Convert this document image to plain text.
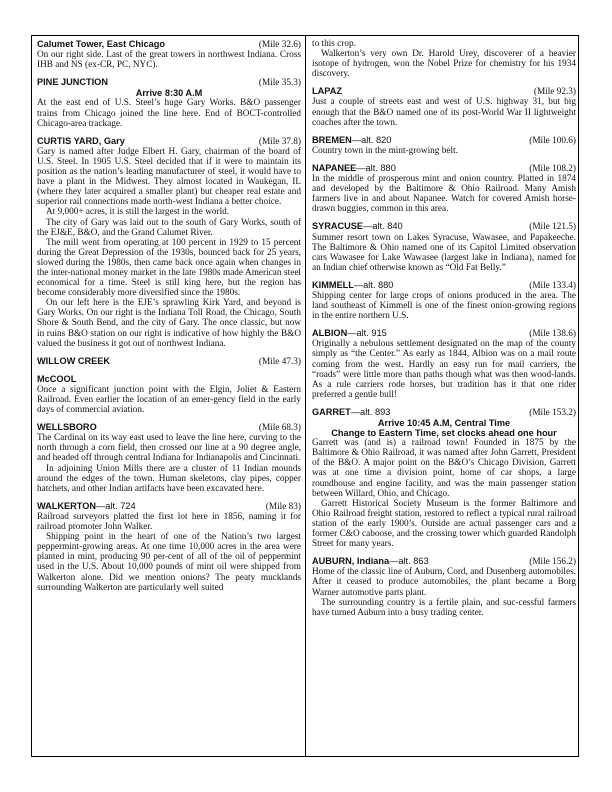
Calumet Tower, East Chicago	(Mile 32.6)
On our right side. Last of the great towers in northwest Indiana. Cross IHB and NS (ex-CR, PC, NYC).
PINE JUNCTION	(Mile 35.3)
Arrive 8:30 A.M
At the east end of U.S. Steel’s huge Gary Works. B&O passenger trains from Chicago joined the line here. End of BOCT-controlled Chicago-area trackage.
CURTIS YARD, Gary	(Mile 37.8)
Gary is named after Judge Elbert H. Gary, chairman of the board of U.S. Steel. In 1905 U.S. Steel decided that if it were to maintain its position as the nation’s leading manufacturer of steel, it would have to have a plant in the Midwest. They almost located in Waukegan, IL (where they later acquired a smaller plant) but cheaper real estate and superior rail connections made north-west Indiana a better choice.
At 9,000+ acres, it is still the largest in the world.
The city of Gary was laid out to the south of Gary Works, south of the EJ&E, B&O, and the Grand Calumet River.
The mill went from operating at 100 percent in 1929 to 15 percent during the Great Depression of the 1930s, bounced back for 25 years, slowed during the 1980s, then came back once again when changes in the inter-national money market in the late 1980s made American steel economical for a time. Steel is still king here, but the region has become considerably more diversified since the 1980s.
On our left here is the EJE’s sprawling Kirk Yard, and beyond is Gary Works. On our right is the Indiana Toll Road, the Chicago, South Shore & South Bend, and the city of Gary. The once classic, but now in ruins B&O station on our right is indicative of how highly the B&O valued the business it got out of northwest Indiana.
WILLOW CREEK	(Mile 47.3)
McCOOL
Once a significant junction point with the Elgin, Joliet & Eastern Railroad. Even earlier the location of an emer-gency field in the early days of commercial aviation.
WELLSBORO	(Mile 68.3)
The Cardinal on its way east used to leave the line here, curving to the north through a corn field, then crossed our line at a 90 degree angle, and headed off through central Indiana for Indianapolis and Cincinnati.
In adjoining Union Mills there are a cluster of 11 Indian mounds around the edges of the town. Human skeletons, clay pipes, copper hatchets, and other Indian artifacts have been excavated here.
WALKERTON—alt. 724	(Mile 83)
Railroad surveyors platted the first lot here in 1856, naming it for railroad promoter John Walker.
Shipping point in the heart of one of the Nation’s two largest peppermint-growing areas. At one time 10,000 acres in the area were planted in mint, producing 90 per-cent of all of the oil of peppermint used in the U.S. About 10,000 pounds of mint oil were shipped from Walkerton alone. Did we mention onions? The peaty mucklands surrounding Walkerton are particularly well suited
to this crop.
Walkerton’s very own Dr. Harold Urey, discoverer of a heavier isotope of hydrogen, won the Nobel Prize for chemistry for his 1934 discovery.
LAPAZ	(Mile 92.3)
Just a couple of streets east and west of U.S. highway 31, but big enough that the B&O named one of its post-World War II lightweight coaches after the town.
BREMEN—alt. 820	(Mile 100.6)
Country town in the mint-growing belt.
NAPANEE—alt. 880	(Mile 108.2)
In the middle of prosperous mint and onion country. Platted in 1874 and developed by the Baltimore & Ohio Railroad. Many Amish farmers live in and about Napanee. Watch for covered Amish horse-drawn buggies, common in this area.
SYRACUSE—alt. 840	(Mile 121.5)
Summer resort town on Lakes Syracuse, Wawasee, and Papakeeche. The Baltimore & Ohio named one of its Capitol Limited observation cars Wawasee for Lake Wawasee (largest lake in Indiana), named for an Indian chief otherwise known as “Old Fat Belly.”
KIMMELL—alt. 880	(Mile 133.4)
Shipping center for large crops of onions produced in the area. The land southeast of Kimmell is one of the finest onion-growing regions in the entire northern U.S.
ALBION—alt. 915	(Mile 138.6)
Originally a nebulous settlement designated on the map of the county simply as “the Center.” As early as 1844, Albion was on a mail route coming from the west. Hardly an easy run for mail carriers, the “roads” were little more than paths though what was then wood-lands. As a rule carriers rode horses, but tradition has it that one rider preferred a gentle bull!
GARRET—alt. 893	(Mile 153.2)
Arrive 10:45 A.M, Central Time
Change to Eastern Time, set clocks ahead one hour
Garrett was (and is) a railroad town! Founded in 1875 by the Baltimore & Ohio Railroad, it was named after John Garrett, President of the B&O. A major point on the B&O’s Chicago Division, Garrett was at one time a division point, home of car shops, a large roundhouse and engine facility, and was the main passenger station between Willard, Ohio, and Chicago.
Garrett Historical Society Museum is the former Baltimore and Ohio Railroad freight station, restored to reflect a typical rural railroad station of the early 1900’s. Outside are actual passenger cars and a former C&O caboose, and the crossing tower which guarded Randolph Street for many years.
AUBURN, Indiana—alt. 863	(Mile 156.2)
Home of the classic line of Auburn, Cord, and Dusenberg automobiles. After it ceased to produce automobiles, the plant became a Borg Warner automotive parts plant.
The surrounding country is a fertile plain, and suc-cessful farmers have turned Auburn into a busy trading center.
